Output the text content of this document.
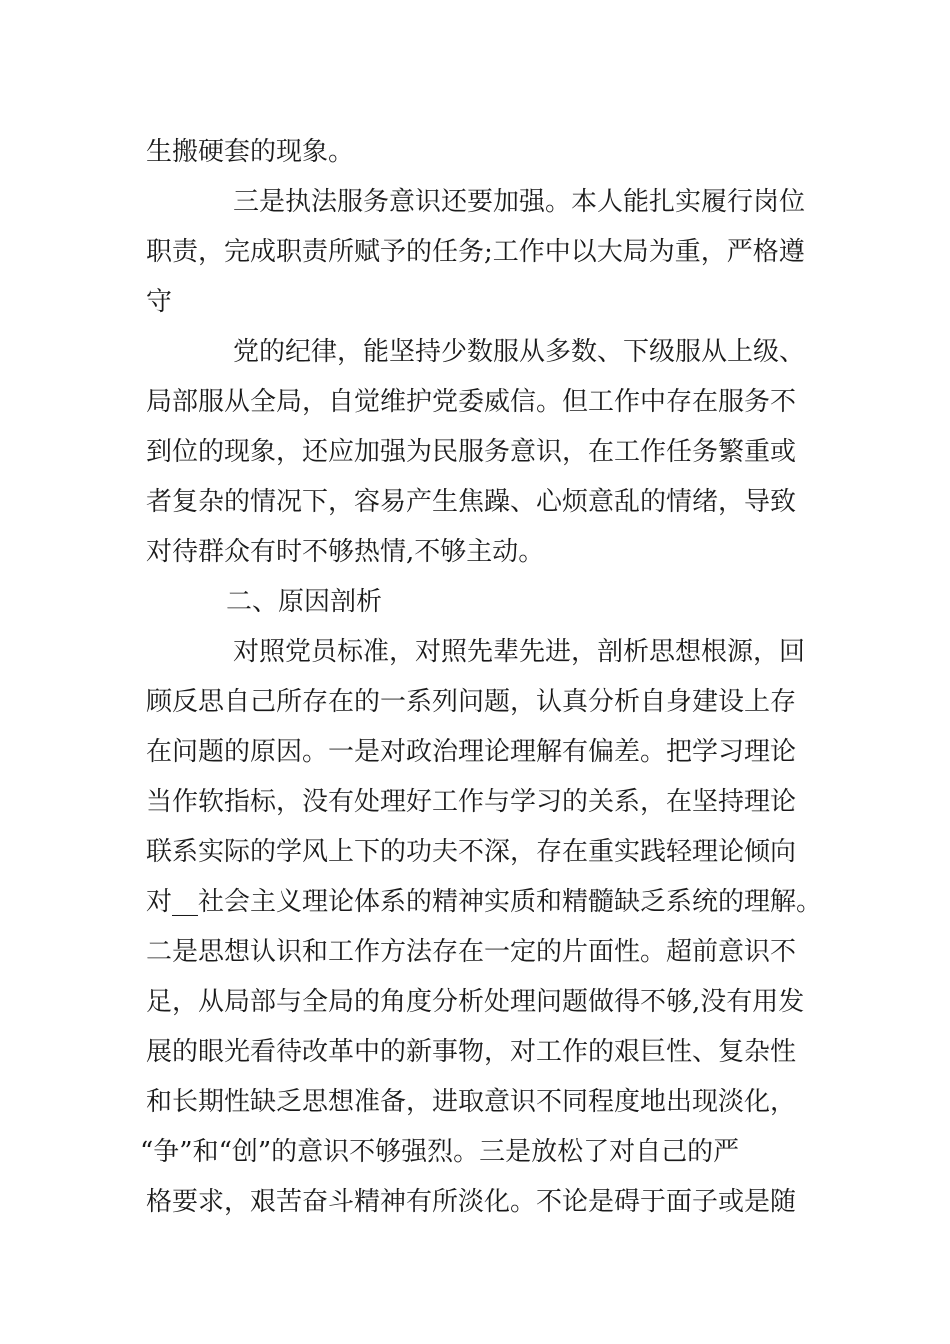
生搬硬套的现象。
三是执法服务意识还要加强。本人能扎实履行岗位
职责，完成职责所赋予的任务;工作中以大局为重，严格遵
守
党的纪律，能坚持少数服从多数、下级服从上级、
局部服从全局，自觉维护党委威信。但工作中存在服务不
到位的现象，还应加强为民服务意识，在工作任务繁重或
者复杂的情况下，容易产生焦躁、心烦意乱的情绪，导致
对待群众有时不够热情,不够主动。
二、原因剖析
对照党员标准，对照先辈先进，剖析思想根源，回
顾反思自己所存在的一系列问题，认真分析自身建设上存
在问题的原因。一是对政治理论理解有偏差。把学习理论
当作软指标，没有处理好工作与学习的关系，在坚持理论
联系实际的学风上下的功夫不深，存在重实践轻理论倾向
对__社会主义理论体系的精神实质和精髓缺乏系统的理解。
二是思想认识和工作方法存在一定的片面性。超前意识不
足，从局部与全局的角度分析处理问题做得不够,没有用发
展的眼光看待改革中的新事物，对工作的艰巨性、复杂性
和长期性缺乏思想准备，进取意识不同程度地出现淡化，
“争”和“创”的意识不够强烈。三是放松了对自己的严
格要求，艰苦奋斗精神有所淡化。不论是碍于面子或是随
